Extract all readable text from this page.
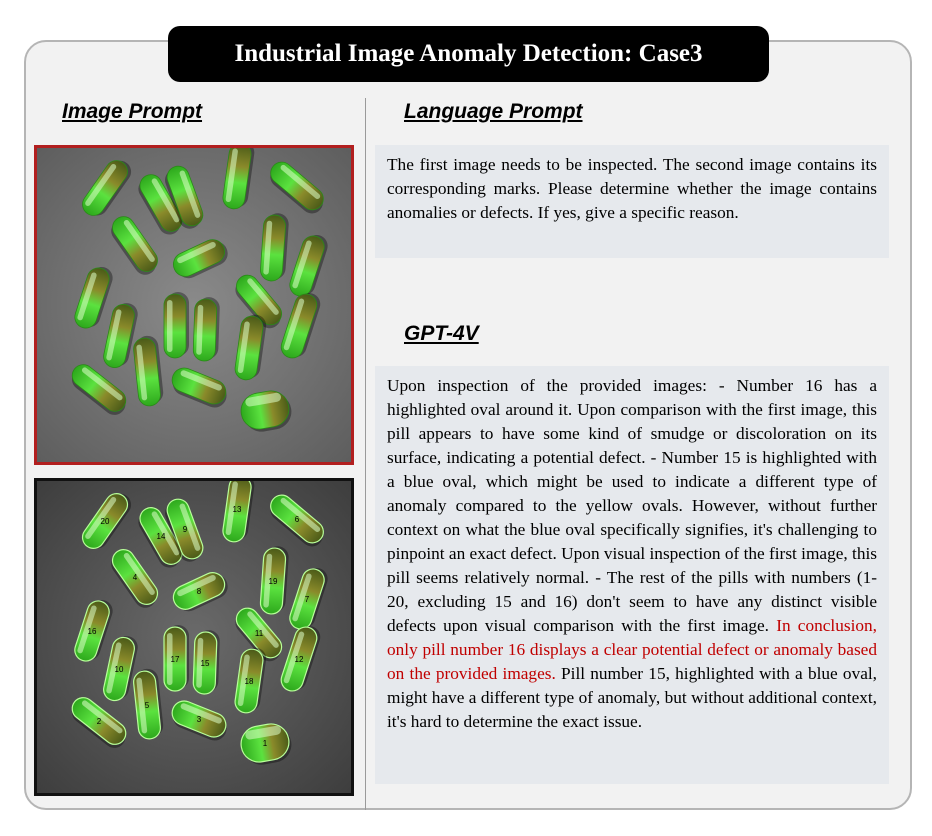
Industrial Image Anomaly Detection: Case3
Image Prompt	Language Prompt
GPT-4V
20
14
9
13
6
4	19
8
7
16	11
10
17	15	12
18
5
2	3
1
The first image needs to be inspected. The second image contains its corresponding marks. Please determine whether the image contains anomalies or defects. If yes, give a specific reason.
Upon inspection of the provided images: - Number 16 has a highlighted oval around it. Upon comparison with the first image, this pill appears to have some kind of smudge or discoloration on its surface, indicating a potential defect. - Number 15 is highlighted with a blue oval, which might be used to indicate a different type of anomaly compared to the yellow ovals. However, without further context on what the blue oval specifically signifies, it's challenging to pinpoint an exact defect. Upon visual inspection of the first image, this pill seems relatively normal. - The rest of the pills with numbers (1-20, excluding 15 and 16) don't seem to have any distinct visible defects upon visual comparison with the first image. In conclusion, only pill number 16 displays a clear potential defect or anomaly based on the provided images. Pill number 15, highlighted with a blue oval, might have a different type of anomaly, but without additional context, it's hard to determine the exact issue.
